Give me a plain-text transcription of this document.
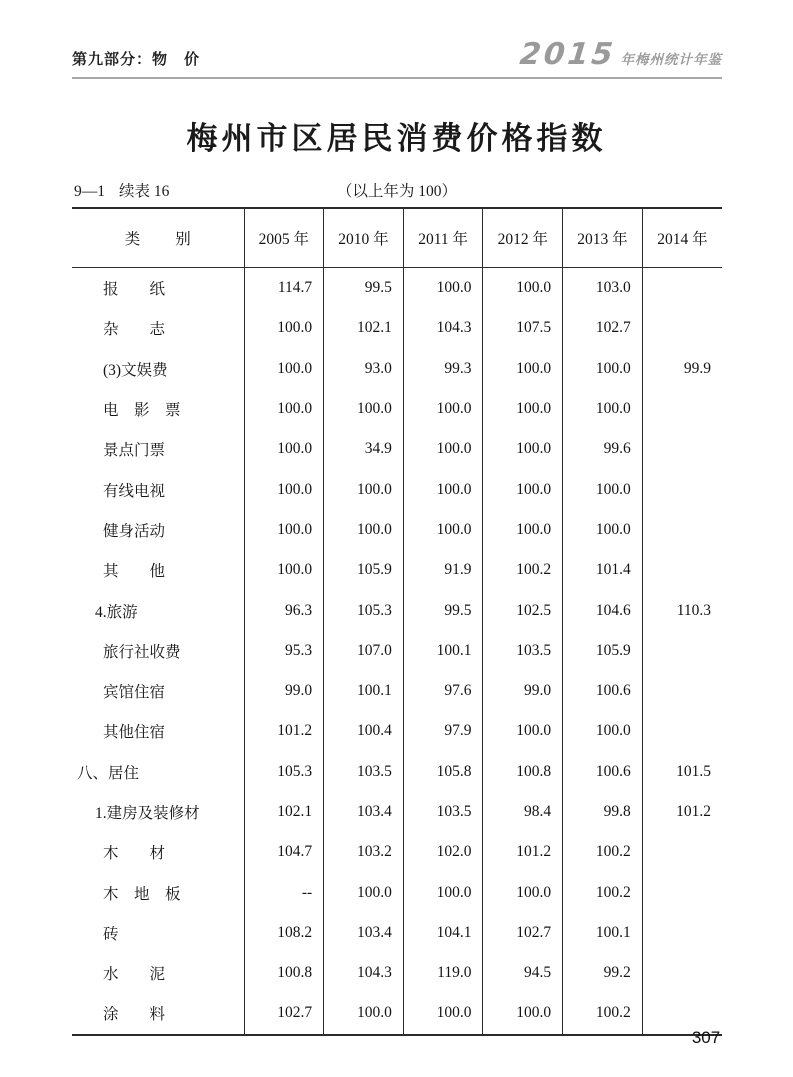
第九部分：物　价	2015 年梅州统计年鉴
梅州市区居民消费价格指数
9—1 续表 16	（以上年为 100）
类　　别	2005 年	2010 年	2011 年	2012 年	2013 年	2014 年
报　　纸	114.7	99.5	100.0	100.0	103.0	
杂　　志	100.0	102.1	104.3	107.5	102.7	
(3)文娱费	100.0	93.0	99.3	100.0	100.0	99.9
电　影　票	100.0	100.0	100.0	100.0	100.0	
景点门票	100.0	34.9	100.0	100.0	99.6	
有线电视	100.0	100.0	100.0	100.0	100.0	
健身活动	100.0	100.0	100.0	100.0	100.0	
其　　他	100.0	105.9	91.9	100.2	101.4	
4.旅游	96.3	105.3	99.5	102.5	104.6	110.3
旅行社收费	95.3	107.0	100.1	103.5	105.9	
宾馆住宿	99.0	100.1	97.6	99.0	100.6	
其他住宿	101.2	100.4	97.9	100.0	100.0	
八、居住	105.3	103.5	105.8	100.8	100.6	101.5
1.建房及装修材	102.1	103.4	103.5	98.4	99.8	101.2
木　　材	104.7	103.2	102.0	101.2	100.2	
木　地　板	--	100.0	100.0	100.0	100.2	
砖	108.2	103.4	104.1	102.7	100.1	
水　　泥	100.8	104.3	119.0	94.5	99.2	
涂　　料	102.7	100.0	100.0	100.0	100.2	
307
